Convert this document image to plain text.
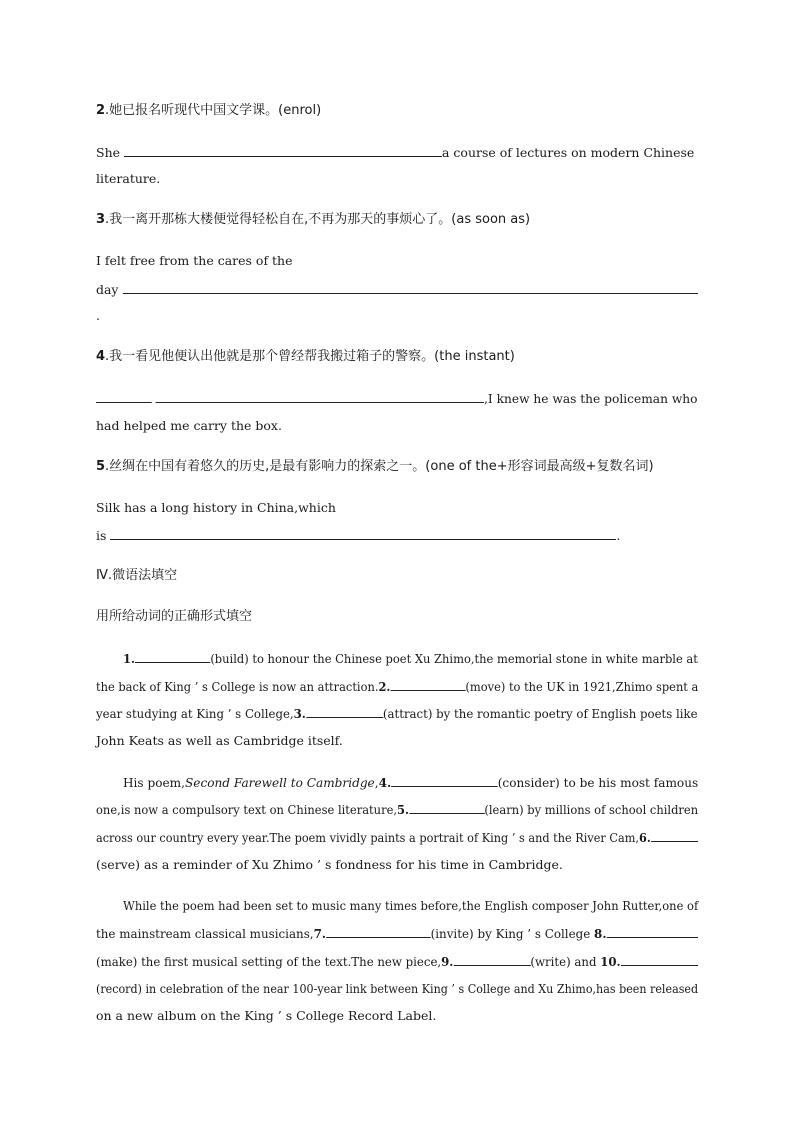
2.她已报名听现代中国文学课。(enrol)
She	a course of lectures on modern Chinese
literature.
3.我一离开那栋大楼便觉得轻松自在,不再为那天的事烦心了。(as soon as)
I felt free from the cares of the
day
.
4.我一看见他便认出他就是那个曾经帮我搬过箱子的警察。(the instant)
,I knew he was the policeman who
had helped me carry the box.
5.丝绸在中国有着悠久的历史,是最有影响力的探索之一。(one of the+形容词最高级+复数名词)
Silk has a long history in China,which
is	.
Ⅳ.微语法填空
用所给动词的正确形式填空
1.	(build) to honour the Chinese poet Xu Zhimo,the memorial stone in white marble at
the back of King ’ s College is now an attraction.2.	(move) to the UK in 1921,Zhimo spent a
year studying at King ’ s College,3.	(attract) by the romantic poetry of English poets like
John Keats as well as Cambridge itself.
His poem,Second Farewell to Cambridge,4.	(consider) to be his most famous
one,is now a compulsory text on Chinese literature,5.	(learn) by millions of school children
across our country every year.The poem vividly paints a portrait of King ’ s and the River Cam,6.
(serve) as a reminder of Xu Zhimo ’ s fondness for his time in Cambridge.
While the poem had been set to music many times before,the English composer John Rutter,one of
the mainstream classical musicians,7.	(invite) by King ’ s College 8.
(make) the first musical setting of the text.The new piece,9.	(write) and 10.
(record) in celebration of the near 100-year link between King ’ s College and Xu Zhimo,has been released
on a new album on the King ’ s College Record Label.
